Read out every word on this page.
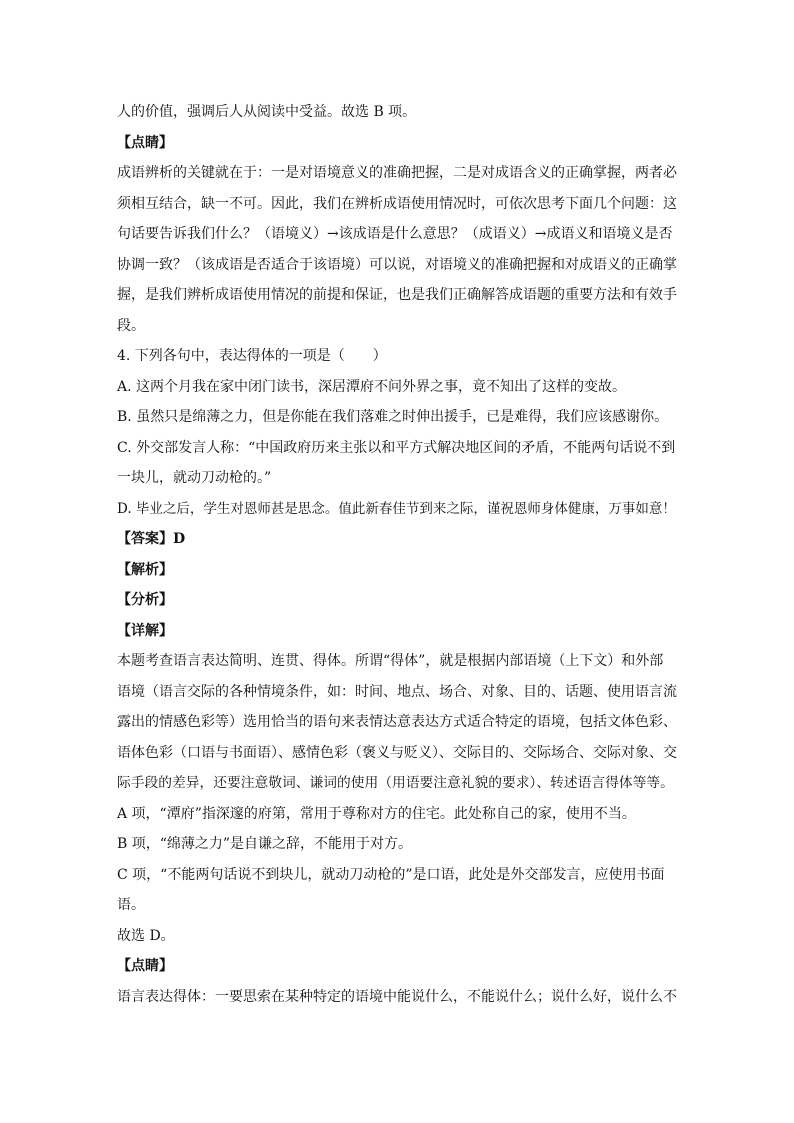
人的价值，强调后人从阅读中受益。故选 B 项。
【点睛】
成语辨析的关键就在于：一是对语境意义的准确把握，二是对成语含义的正确掌握，两者必
须相互结合，缺一不可。因此，我们在辨析成语使用情况时，可依次思考下面几个问题：这
句话要告诉我们什么？（语境义）→该成语是什么意思？（成语义）→成语义和语境义是否
协调一致？（该成语是否适合于该语境）可以说，对语境义的准确把握和对成语义的正确掌
握，是我们辨析成语使用情况的前提和保证，也是我们正确解答成语题的重要方法和有效手
段。
4. 下列各句中，表达得体的一项是（　　）
A. 这两个月我在家中闭门读书，深居潭府不问外界之事，竟不知出了这样的变故。
B. 虽然只是绵薄之力，但是你能在我们落难之时伸出援手，已是难得，我们应该感谢你。
C. 外交部发言人称：“中国政府历来主张以和平方式解决地区间的矛盾，不能两句话说不到
一块儿，就动刀动枪的。”
D. 毕业之后，学生对恩师甚是思念。值此新春佳节到来之际，谨祝恩师身体健康，万事如意！
【答案】D
【解析】
【分析】
【详解】
本题考查语言表达简明、连贯、得体。所谓“得体”，就是根据内部语境（上下文）和外部
语境（语言交际的各种情境条件，如：时间、地点、场合、对象、目的、话题、使用语言流
露出的情感色彩等）选用恰当的语句来表情达意表达方式适合特定的语境，包括文体色彩、
语体色彩（口语与书面语）、感情色彩（褒义与贬义）、交际目的、交际场合、交际对象、交
际手段的差异，还要注意敬词、谦词的使用（用语要注意礼貌的要求）、转述语言得体等等。
A 项，“潭府”指深邃的府第，常用于尊称对方的住宅。此处称自己的家，使用不当。
B 项，“绵薄之力”是自谦之辞，不能用于对方。
C 项，“不能两句话说不到块儿，就动刀动枪的”是口语，此处是外交部发言，应使用书面
语。
故选 D。
【点睛】
语言表达得体：一要思索在某种特定的语境中能说什么，不能说什么；说什么好，说什么不
